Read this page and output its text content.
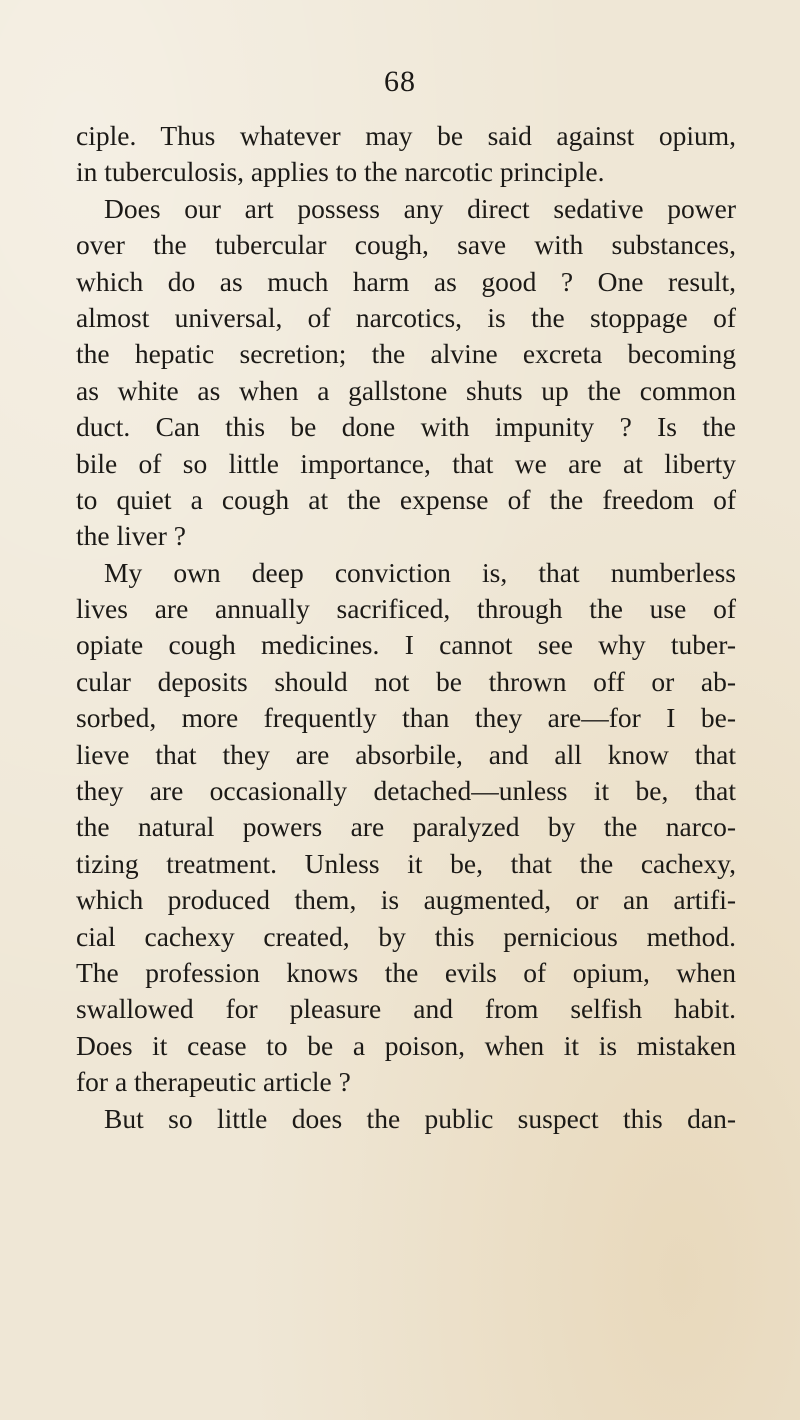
68
ciple. Thus whatever may be said against opium,
in tuberculosis, applies to the narcotic principle.
Does our art possess any direct sedative power
over the tubercular cough, save with substances,
which do as much harm as good ? One result,
almost universal, of narcotics, is the stoppage of
the hepatic secretion; the alvine excreta becoming
as white as when a gallstone shuts up the common
duct. Can this be done with impunity ? Is the
bile of so little importance, that we are at liberty
to quiet a cough at the expense of the freedom of
the liver ?
My own deep conviction is, that numberless
lives are annually sacrificed, through the use of
opiate cough medicines. I cannot see why tuber-
cular deposits should not be thrown off or ab-
sorbed, more frequently than they are—for I be-
lieve that they are absorbile, and all know that
they are occasionally detached—unless it be, that
the natural powers are paralyzed by the narco-
tizing treatment. Unless it be, that the cachexy,
which produced them, is augmented, or an artifi-
cial cachexy created, by this pernicious method.
The profession knows the evils of opium, when
swallowed for pleasure and from selfish habit.
Does it cease to be a poison, when it is mistaken
for a therapeutic article ?
But so little does the public suspect this dan-
